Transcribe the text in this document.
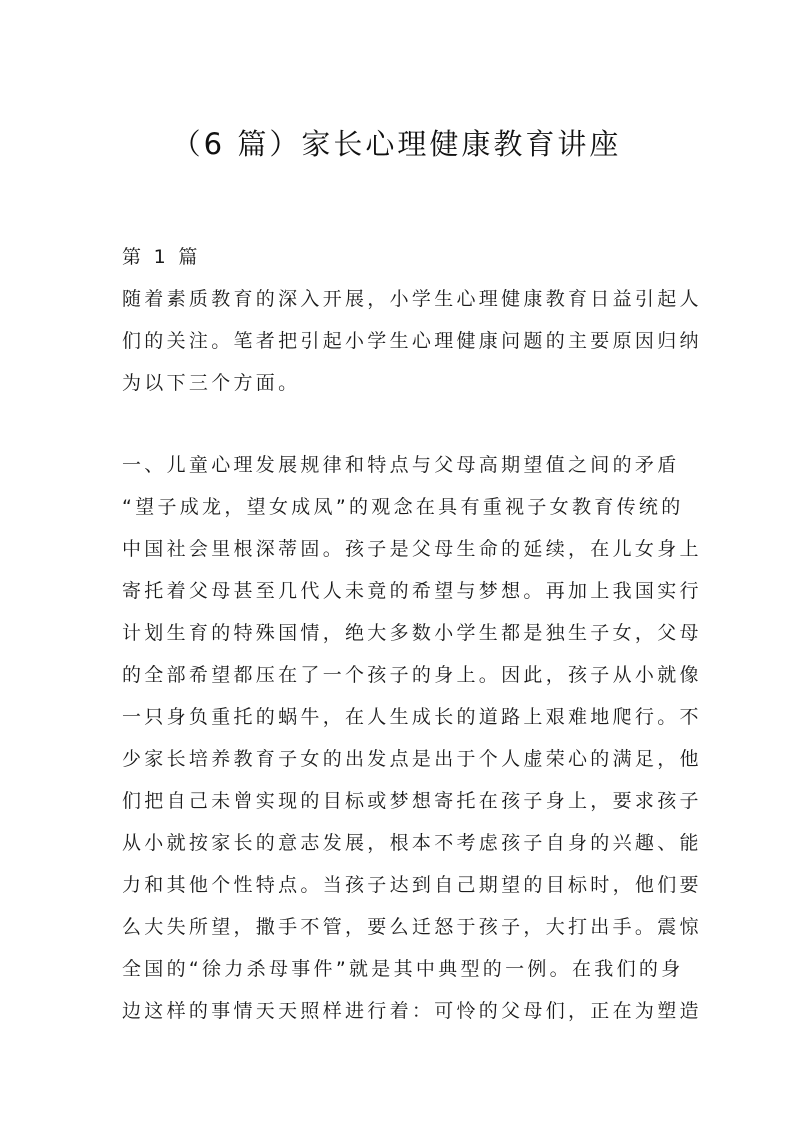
（6 篇）家长心理健康教育讲座
第 1 篇
随着素质教育的深入开展，小学生心理健康教育日益引起人
们的关注。笔者把引起小学生心理健康问题的主要原因归纳
为以下三个方面。
一、儿童心理发展规律和特点与父母高期望值之间的矛盾
“望子成龙，望女成凤”的观念在具有重视子女教育传统的
中国社会里根深蒂固。孩子是父母生命的延续，在儿女身上
寄托着父母甚至几代人未竟的希望与梦想。再加上我国实行
计划生育的特殊国情，绝大多数小学生都是独生子女，父母
的全部希望都压在了一个孩子的身上。因此，孩子从小就像
一只身负重托的蜗牛，在人生成长的道路上艰难地爬行。不
少家长培养教育子女的出发点是出于个人虚荣心的满足，他
们把自己未曾实现的目标或梦想寄托在孩子身上，要求孩子
从小就按家长的意志发展，根本不考虑孩子自身的兴趣、能
力和其他个性特点。当孩子达到自己期望的目标时，他们要
么大失所望，撒手不管，要么迁怒于孩子，大打出手。震惊
全国的“徐力杀母事件”就是其中典型的一例。在我们的身
边这样的事情天天照样进行着：可怜的父母们，正在为塑造
